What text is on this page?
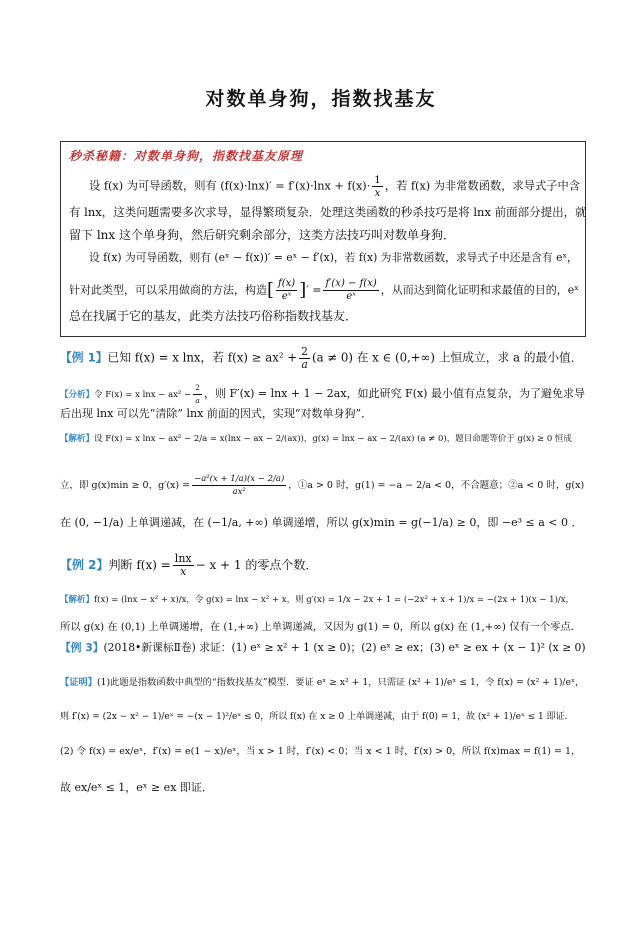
对数单身狗，指数找基友
秒杀秘籍：对数单身狗，指数找基友原理
设 f(x) 为可导函数，则有 $(f(x)\cdot\ln x)' = f'(x)\cdot\ln x + f(x)\cdot \frac{1}{x}$ ，若 f(x) 为非常数函数，求导式子中含
有 lnx，这类问题需要多次求导，显得繁琐复杂．处理这类函数的秒杀技巧是将 lnx 前面部分提出，就
留下 lnx 这个单身狗，然后研究剩余部分，这类方法技巧叫对数单身狗．
设 f(x) 为可导函数，则有 (eˣ − f(x))′ = eˣ − f′(x)，若 f(x) 为非常数函数，求导式子中还是含有 eˣ，
针对此类型，可以采用做商的方法，构造[ $\frac{f(x)}{\text{eˣ}}$ ]′ = $\frac{f'(x) - f(x)}{\text{eˣ}}$ ，从而达到简化证明和求最值的目的，eˣ
总在找属于它的基友，此类方法技巧俗称指数找基友．
【例 1】已知 f(x) = x lnx，若 $f(x) \ge ax^2 + \frac{2}{a} (a \ne 0)$ 在 x ∈ (0,+∞) 上恒成立，求 a 的最小值．
【分析】令 F(x) = x $\ln x - ax^2 - \frac{2}{a}$ ，则 F′(x) = lnx + 1 − 2ax，如此研究 F(x) 最小值有点复杂，为了避免求导
后出现 lnx 可以先“清除” lnx 前面的因式，实现“对数单身狗”．
【解析】设 F(x) = x lnx − ax² − 2/a = x(lnx − ax − 2/(ax))，g(x) = lnx − ax − 2/(ax) (a ≠ 0)，题目命题等价于 g(x) ≥ 0 恒成
立，即 g(x)min ≥ 0，$g'(x) = \frac{\text{−a²(x + 1/a)(x − 2/a)}}{\text{ax²}}$ ，①a > 0 时，g(1) = −a − 2/a < 0，不合题意；②a < 0 时，g(x)
在 (0, −1/a) 上单调递减，在 (−1/a, +∞) 单调递增，所以 g(x)min = g(−1/a) ≥ 0，即 −e³ ≤ a < 0 ．
【例 2】判断 $f(x) = \frac{\ln x}{x} - x + 1$ 的零点个数．
【解析】f(x) = (lnx − x² + x)/x，令 g(x) = lnx − x² + x，则 g′(x) = 1/x − 2x + 1 = (−2x² + x + 1)/x = −(2x + 1)(x − 1)/x，
所以 g(x) 在 (0,1) 上单调递增，在 (1,+∞) 上单调递减，又因为 g(1) = 0，所以 g(x) 在 (1,+∞) 仅有一个零点．
【例 3】(2018•新课标Ⅱ卷) 求证：(1) eˣ ≥ x² + 1 (x ≥ 0)；(2) eˣ ≥ ex；(3) eˣ ≥ ex + (x − 1)² (x ≥ 0)
【证明】(1)此题是指数函数中典型的“指数找基友”模型．要证 eˣ ≥ x² + 1，只需证 (x² + 1)/eˣ ≤ 1，令 f(x) = (x² + 1)/eˣ，
则 f′(x) = (2x − x² − 1)/eˣ = −(x − 1)²/eˣ ≤ 0，所以 f(x) 在 x ≥ 0 上单调递减，由于 f(0) = 1，故 (x² + 1)/eˣ ≤ 1 即证．
(2) 令 f(x) = ex/eˣ，f′(x) = e(1 − x)/eˣ，当 x > 1 时，f′(x) < 0；当 x < 1 时，f′(x) > 0，所以 f(x)max = f(1) = 1，
故 ex/eˣ ≤ 1，eˣ ≥ ex 即证．
